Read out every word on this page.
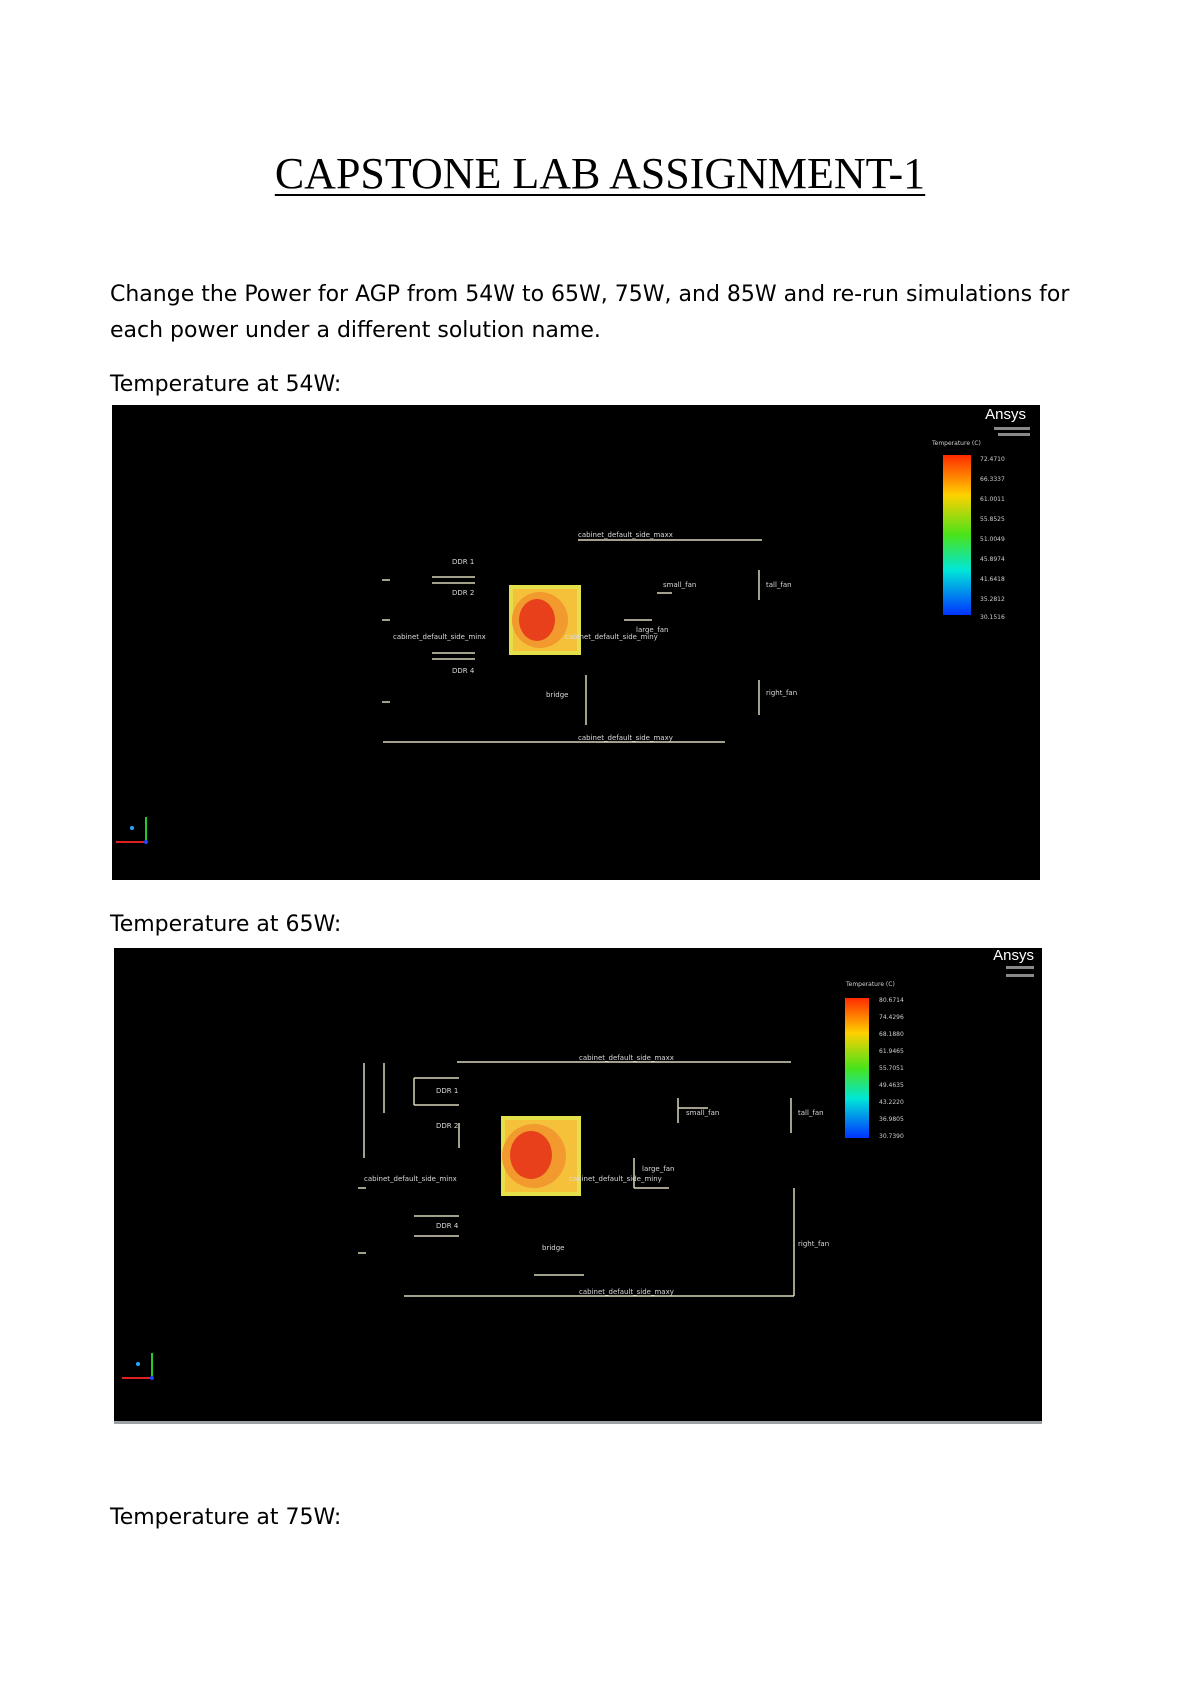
CAPSTONE LAB ASSIGNMENT-1
Change the Power for AGP from 54W to 65W, 75W, and 85W and re-run simulations for each power under a different solution name.
Temperature at 54W:
Ansys
Temperature (C)
72.4710
66.3337
61.0011
55.8525
51.0049
45.8974
41.6418
35.2812
30.1516
DDR 1
DDR 2
DDR 4
bridge
small_fan	tall_fan
large_fan
right_fan
cabinet_default_side_maxx
cabinet_default_side_minx	cabinet_default_side_miny
cabinet_default_side_maxy
Temperature at 65W:
Ansys
Temperature (C)
80.6714
74.4296
68.1880
61.9465
55.7051
49.4635
43.2220
36.9805
30.7390
DDR 1
DDR 2
DDR 4
bridge
small_fan	tall_fan
large_fan
right_fan
cabinet_default_side_maxx
cabinet_default_side_minx	cabinet_default_side_miny
cabinet_default_side_maxy
Temperature at 75W:
